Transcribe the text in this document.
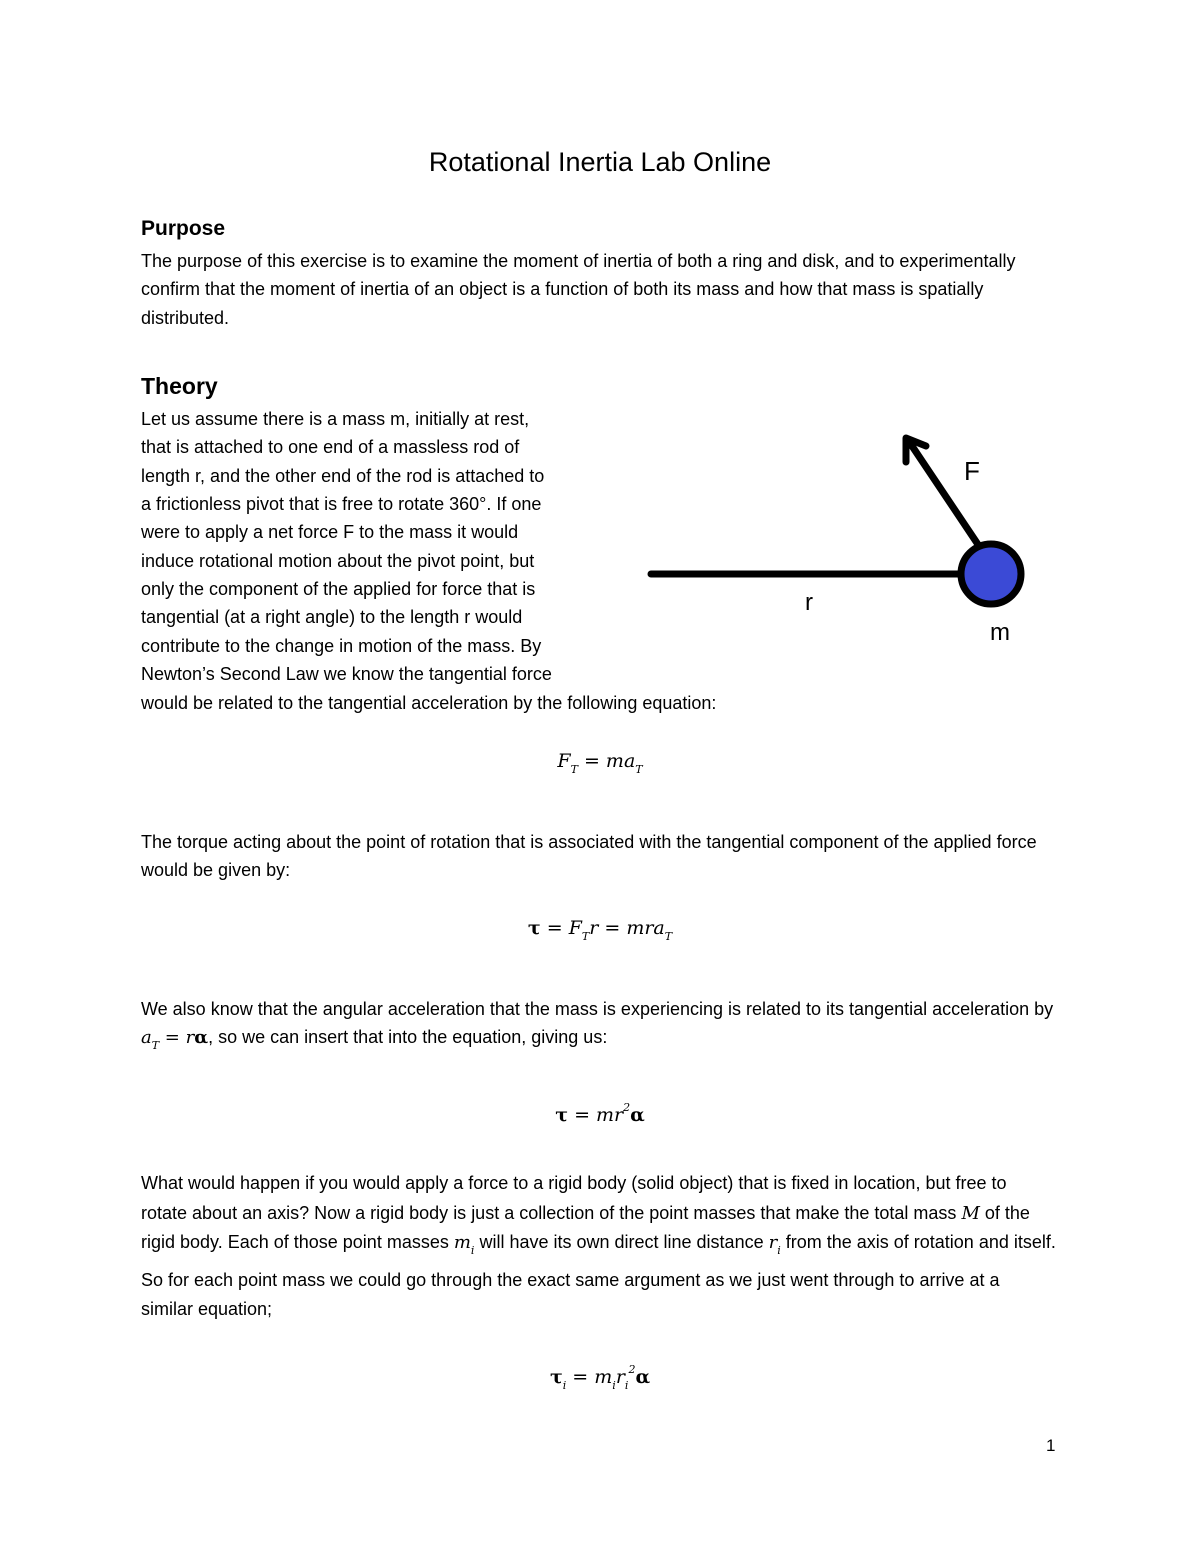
Rotational Inertia Lab Online
Purpose
The purpose of this exercise is to examine the moment of inertia of both a ring and disk, and to experimentally confirm that the moment of inertia of an object is a function of both its mass and how that mass is spatially distributed.
Theory
Let us assume there is a mass m, initially at rest,
that is attached to one end of a massless rod of
length r, and the other end of the rod is attached to
a frictionless pivot that is free to rotate 360°. If one
were to apply a net force F to the mass it would
induce rotational motion about the pivot point, but
only the component of the applied for force that is
tangential (at a right angle) to the length r would
contribute to the change in motion of the mass. By
Newton’s Second Law we know the tangential force
would be related to the tangential acceleration by the following equation:
F
r
m
$F_T = ma_T$
The torque acting about the point of rotation that is associated with the tangential component of the applied force would be given by:
$\tau = F_Tr = mra_T$
We also know that the angular acceleration that the mass is experiencing is related to its tangential acceleration by $a_T = r\alpha$, so we can insert that into the equation, giving us:
$\tau = mr^2\alpha$
What would happen if you would apply a force to a rigid body (solid object) that is fixed in location, but free to rotate about an axis? Now a rigid body is just a collection of the point masses that make the total mass M of the rigid body. Each of those point masses $m_i$ will have its own direct line distance $r_i$ from the axis of rotation and itself. So for each point mass we could go through the exact same argument as we just went through to arrive at a similar equation;
$\tau_i = m_ir_i^2\alpha$
1
